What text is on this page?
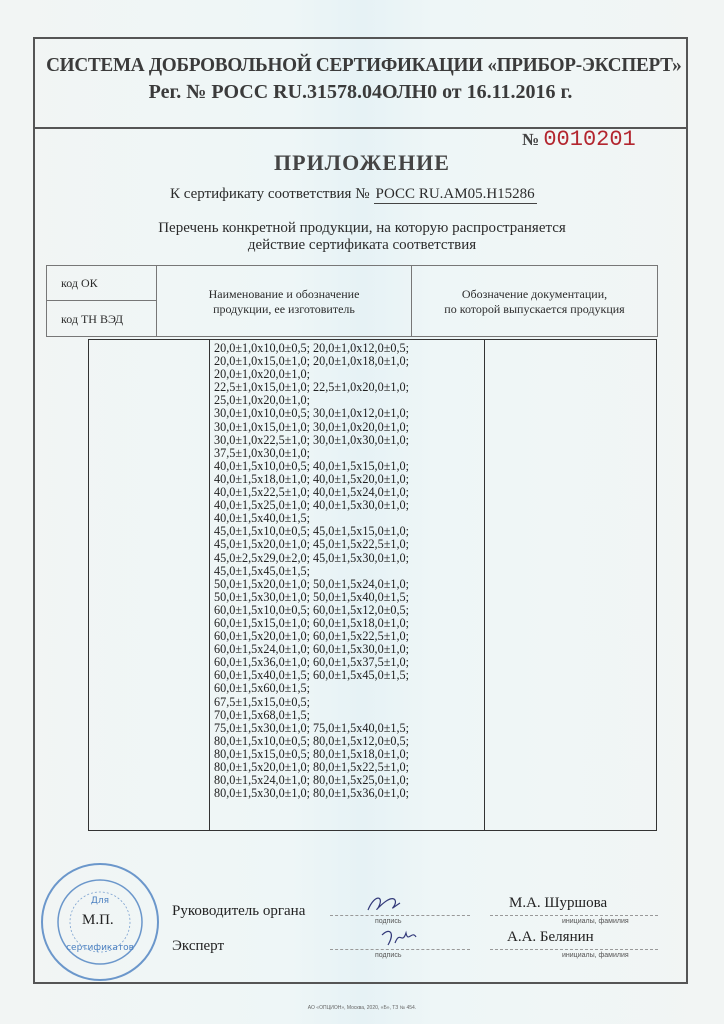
СИСТЕМА ДОБРОВОЛЬНОЙ СЕРТИФИКАЦИИ «ПРИБОР-ЭКСПЕРТ»
Рег. № РОСС RU.31578.04ОЛН0 от 16.11.2016 г.
№ 0010201
ПРИЛОЖЕНИЕ
К сертификату соответствия № РОСС RU.AM05.H15286
Перечень конкретной продукции, на которую распространяется
действие сертификата соответствия
код ОК
код ТН ВЭД
Наименование и обозначение
продукции, ее изготовитель
Обозначение документации,
по которой выпускается продукция
20,0±1,0x10,0±0,5; 20,0±1,0x12,0±0,5;
20,0±1,0x15,0±1,0; 20,0±1,0x18,0±1,0;
20,0±1,0x20,0±1,0;
22,5±1,0x15,0±1,0; 22,5±1,0x20,0±1,0;
25,0±1,0x20,0±1,0;
30,0±1,0x10,0±0,5; 30,0±1,0x12,0±1,0;
30,0±1,0x15,0±1,0; 30,0±1,0x20,0±1,0;
30,0±1,0x22,5±1,0; 30,0±1,0x30,0±1,0;
37,5±1,0x30,0±1,0;
40,0±1,5x10,0±0,5; 40,0±1,5x15,0±1,0;
40,0±1,5x18,0±1,0; 40,0±1,5x20,0±1,0;
40,0±1,5x22,5±1,0; 40,0±1,5x24,0±1,0;
40,0±1,5x25,0±1,0; 40,0±1,5x30,0±1,0;
40,0±1,5x40,0±1,5;
45,0±1,5x10,0±0,5; 45,0±1,5x15,0±1,0;
45,0±1,5x20,0±1,0; 45,0±1,5x22,5±1,0;
45,0±2,5x29,0±2,0; 45,0±1,5x30,0±1,0;
45,0±1,5x45,0±1,5;
50,0±1,5x20,0±1,0; 50,0±1,5x24,0±1,0;
50,0±1,5x30,0±1,0; 50,0±1,5x40,0±1,5;
60,0±1,5x10,0±0,5; 60,0±1,5x12,0±0,5;
60,0±1,5x15,0±1,0; 60,0±1,5x18,0±1,0;
60,0±1,5x20,0±1,0; 60,0±1,5x22,5±1,0;
60,0±1,5x24,0±1,0; 60,0±1,5x30,0±1,0;
60,0±1,5x36,0±1,0; 60,0±1,5x37,5±1,0;
60,0±1,5x40,0±1,5; 60,0±1,5x45,0±1,5;
60,0±1,5x60,0±1,5;
67,5±1,5x15,0±0,5;
70,0±1,5x68,0±1,5;
75,0±1,5x30,0±1,0; 75,0±1,5x40,0±1,5;
80,0±1,5x10,0±0,5; 80,0±1,5x12,0±0,5;
80,0±1,5x15,0±0,5; 80,0±1,5x18,0±1,0;
80,0±1,5x20,0±1,0; 80,0±1,5x22,5±1,0;
80,0±1,5x24,0±1,0; 80,0±1,5x25,0±1,0;
80,0±1,5x30,0±1,0; 80,0±1,5x36,0±1,0;
Для
сертификатов
М.П.
Руководитель органа
подпись
М.А. Шуршова
инициалы, фамилия
Эксперт
подпись
А.А. Белянин
инициалы, фамилия
АО «ОПЦИОН», Москва, 2020, «Б», ТЗ № 454.
